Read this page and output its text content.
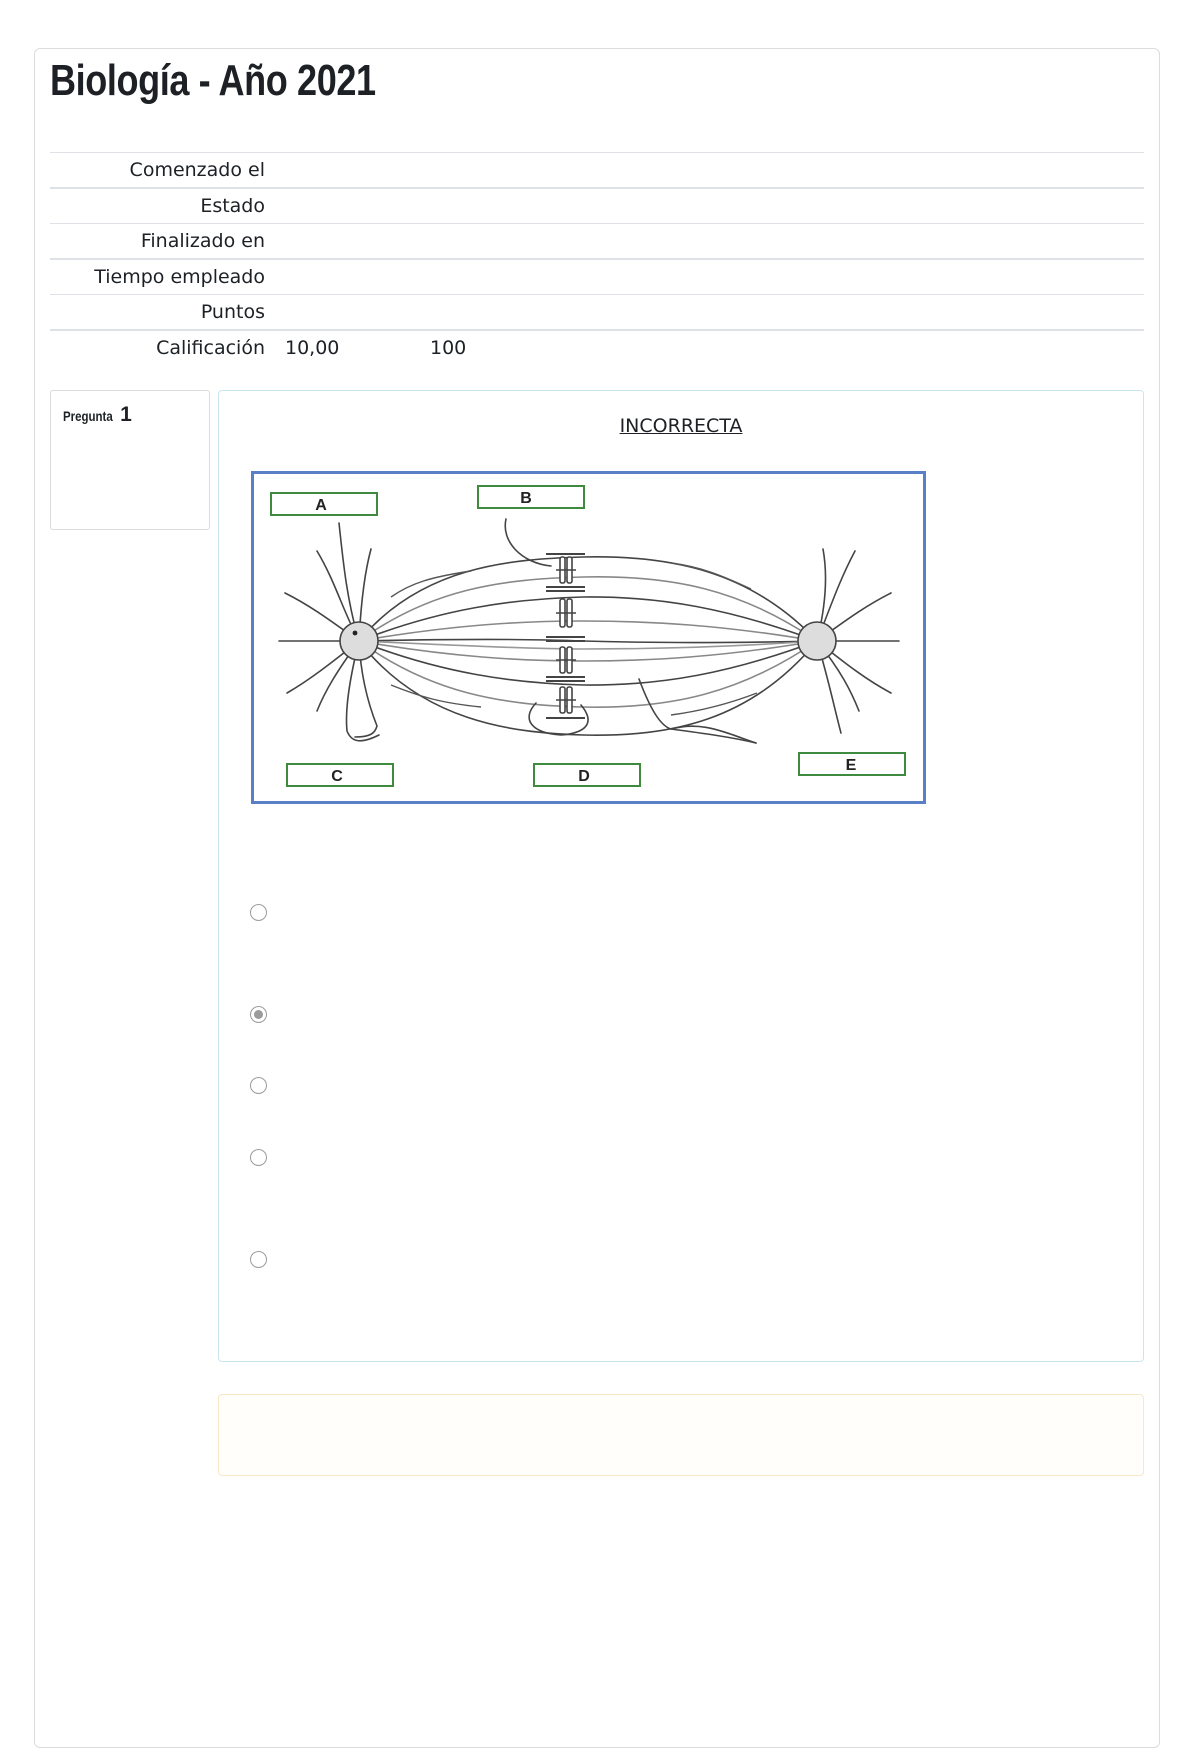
Biología - Año 2021
Comenzado el	
Estado	
Finalizado en	
Tiempo empleado	
Puntos	
Calificación	10,00 100
Pregunta 1	INCORRECTA
A	B
C	D
E
